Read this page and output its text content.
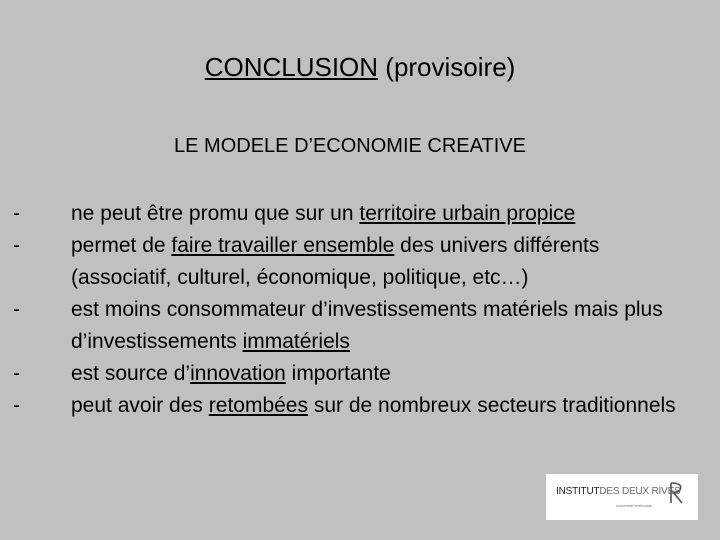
CONCLUSION (provisoire)
LE MODELE D’ECONOMIE CREATIVE
- ne peut être promu que sur un territoire urbain propice
- permet de faire travailler ensemble des univers différents (associatif, culturel, économique, politique, etc…)
- est moins consommateur d’investissements matériels mais plus d’investissements immatériels
- est source d’innovation importante
- peut avoir des retombées sur de nombreux secteurs traditionnels
INSTITUTDES DEUX RIVES
université territoriale
